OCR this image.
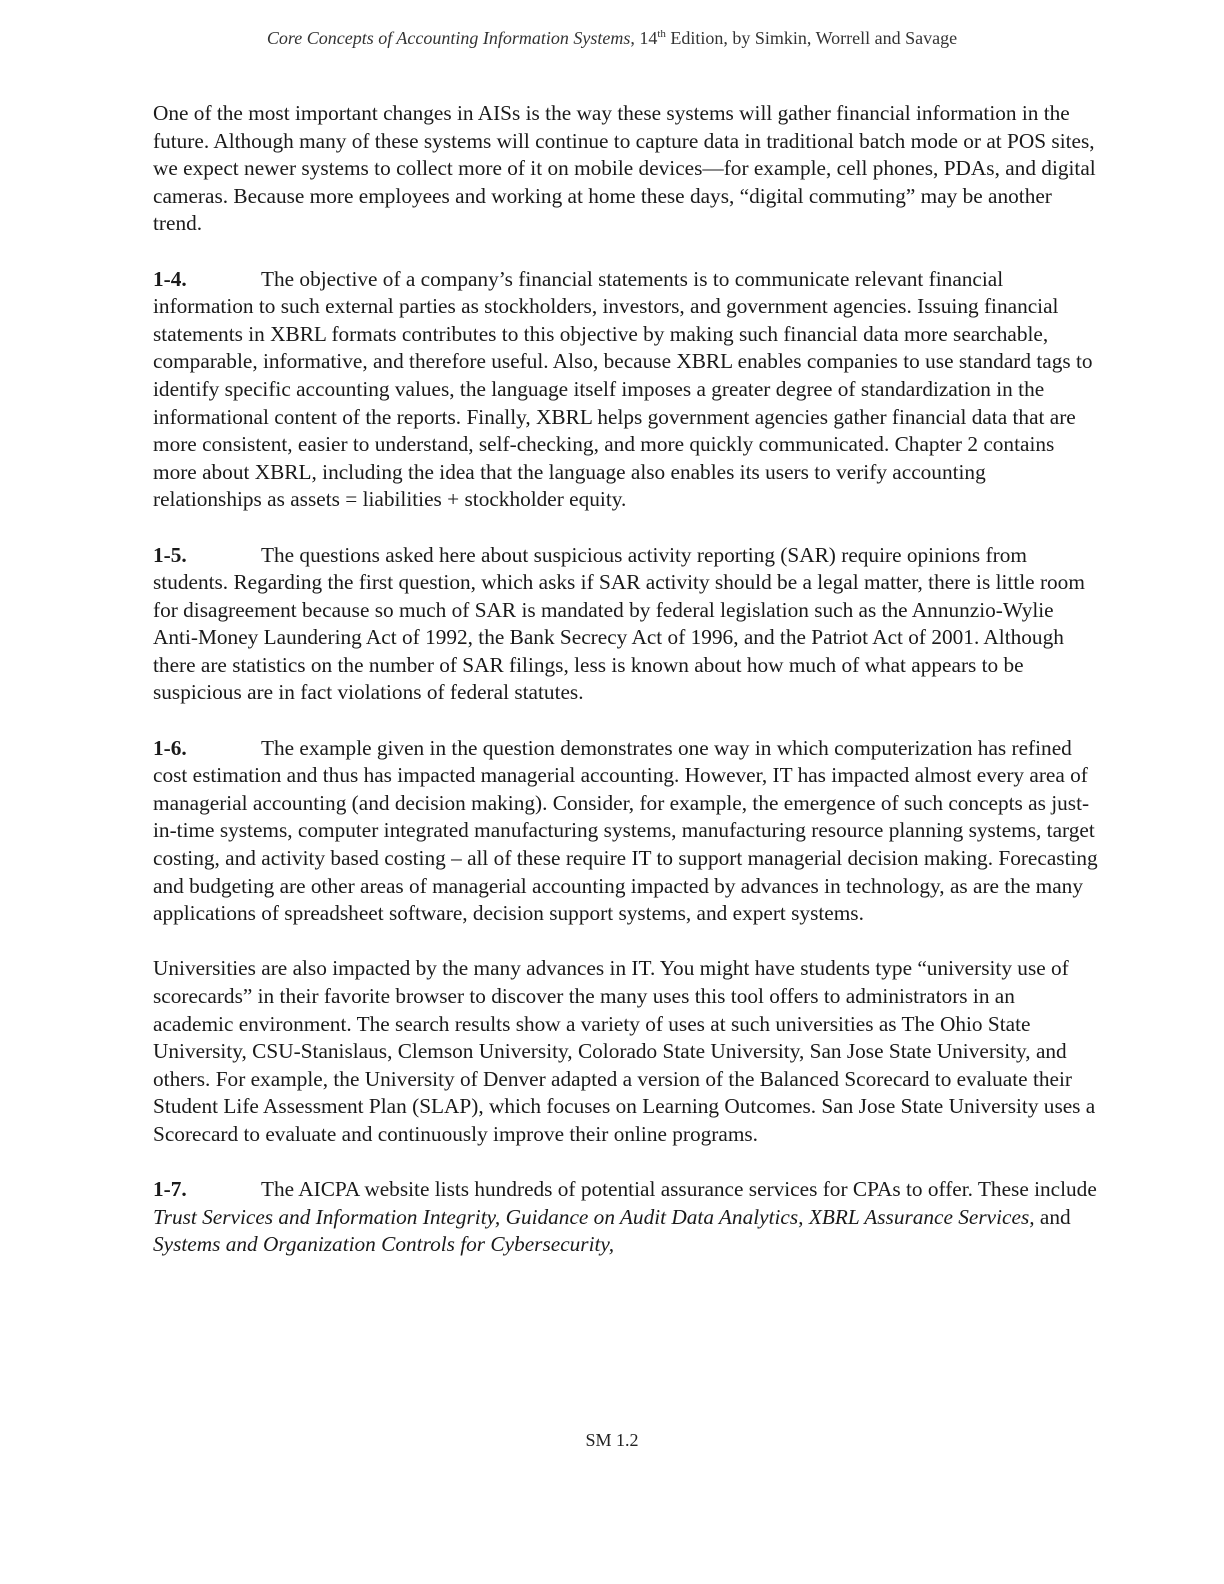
Core Concepts of Accounting Information Systems, 14th Edition, by Simkin, Worrell and Savage

One of the most important changes in AISs is the way these systems will gather financial information in the future. Although many of these systems will continue to capture data in traditional batch mode or at POS sites, we expect newer systems to collect more of it on mobile devices—for example, cell phones, PDAs, and digital cameras. Because more employees and working at home these days, “digital commuting” may be another trend.

1-4.	The objective of a company’s financial statements is to communicate relevant financial information to such external parties as stockholders, investors, and government agencies. Issuing financial statements in XBRL formats contributes to this objective by making such financial data more searchable, comparable, informative, and therefore useful. Also, because XBRL enables companies to use standard tags to identify specific accounting values, the language itself imposes a greater degree of standardization in the informational content of the reports. Finally, XBRL helps government agencies gather financial data that are more consistent, easier to understand, self-checking, and more quickly communicated. Chapter 2 contains more about XBRL, including the idea that the language also enables its users to verify accounting relationships as assets = liabilities + stockholder equity.

1-5.	The questions asked here about suspicious activity reporting (SAR) require opinions from students. Regarding the first question, which asks if SAR activity should be a legal matter, there is little room for disagreement because so much of SAR is mandated by federal legislation such as the Annunzio-Wylie Anti-Money Laundering Act of 1992, the Bank Secrecy Act of 1996, and the Patriot Act of 2001. Although there are statistics on the number of SAR filings, less is known about how much of what appears to be suspicious are in fact violations of federal statutes.

1-6.	The example given in the question demonstrates one way in which computerization has refined cost estimation and thus has impacted managerial accounting. However, IT has impacted almost every area of managerial accounting (and decision making). Consider, for example, the emergence of such concepts as just-in-time systems, computer integrated manufacturing systems, manufacturing resource planning systems, target costing, and activity based costing – all of these require IT to support managerial decision making. Forecasting and budgeting are other areas of managerial accounting impacted by advances in technology, as are the many applications of spreadsheet software, decision support systems, and expert systems.

Universities are also impacted by the many advances in IT. You might have students type “university use of scorecards” in their favorite browser to discover the many uses this tool offers to administrators in an academic environment. The search results show a variety of uses at such universities as The Ohio State University, CSU-Stanislaus, Clemson University, Colorado State University, San Jose State University, and others. For example, the University of Denver adapted a version of the Balanced Scorecard to evaluate their Student Life Assessment Plan (SLAP), which focuses on Learning Outcomes. San Jose State University uses a Scorecard to evaluate and continuously improve their online programs.

1-7.	The AICPA website lists hundreds of potential assurance services for CPAs to offer. These include Trust Services and Information Integrity, Guidance on Audit Data Analytics, XBRL Assurance Services, and Systems and Organization Controls for Cybersecurity,

SM 1.2
